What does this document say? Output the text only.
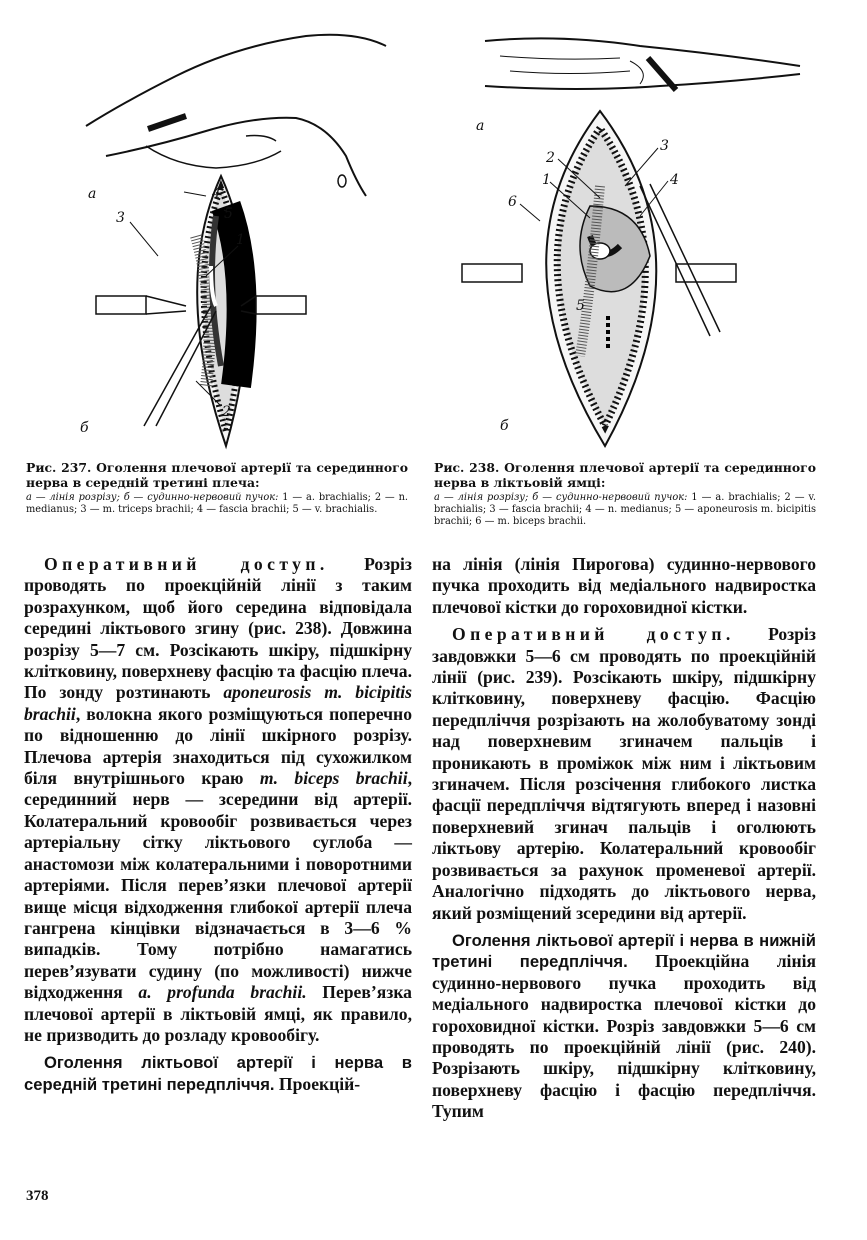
а
б
1
2
3
4
5
а
б
1
2
3
4
5
6

Рис. 237. Оголення плечової артерії та серединного нерва в середній третині плеча:

а — лінія розрізу; б — судинно-нервовий пучок: 1 — a. brachialis; 2 — n. medianus; 3 — m. triceps brachii; 4 — fascia brachii; 5 — v. brachialis.

Рис. 238. Оголення плечової артерії та серединного нерва в ліктьовій ямці:

а — лінія розрізу; б — судинно-нервовий пучок: 1 — a. brachialis; 2 — v. brachialis; 3 — fascia brachii; 4 — n. medianus; 5 — aponeurosis m. bicipitis brachii; 6 — m. biceps brachii.

Оперативний доступ. Розріз проводять по проекційній лінії з таким розрахунком, щоб його середина відповідала середині ліктьового згину (рис. 238). Довжина розрізу 5—7 см. Розсікають шкіру, підшкірну клітковину, поверхневу фасцію та фасцію плеча. По зонду розтинають aponeurosis m. bicipitis brachii, волокна якого розміщуються поперечно по відношенню до лінії шкірного розрізу. Плечова артерія знаходиться під сухожилком біля внутрішнього краю m. biceps brachii, серединний нерв — зсередини від артерії. Колатеральний кровообіг розвивається через артеріальну сітку ліктьового суглоба — анастомози між колатеральними і поворотними артеріями. Після перев’язки плечової артерії вище місця відходження глибокої артерії плеча гангрена кінцівки відзначається в 3—6 % випадків. Тому потрібно намагатись перев’язувати судину (по можливості) нижче відходження a. profunda brachii. Перев’язка плечової артерії в ліктьовій ямці, як правило, не призводить до розладу кровообігу.

Оголення ліктьової артерії і нерва в середній третині передпліччя. Проекцій-

на лінія (лінія Пирогова) судинно-нервового пучка проходить від медіального надвиростка плечової кістки до гороховидної кістки.

Оперативний доступ. Розріз завдовжки 5—6 см проводять по проекційній лінії (рис. 239). Розсікають шкіру, підшкірну клітковину, поверхневу фасцію. Фасцію передпліччя розрізають на жолобуватому зонді над поверхневим згиначем пальців і проникають в проміжок між ним і ліктьовим згиначем. Після розсічення глибокого листка фасції передпліччя відтягують вперед і назовні поверхневий згинач пальців і оголюють ліктьову артерію. Колатеральний кровообіг розвивається за рахунок променевої артерії. Аналогічно підходять до ліктьового нерва, який розміщений зсередини від артерії.

Оголення ліктьової артерії і нерва в нижній третині передпліччя. Проекційна лінія судинно-нервового пучка проходить від медіального надвиростка плечової кістки до гороховидної кістки. Розріз завдовжки 5—6 см проводять по проекційній лінії (рис. 240). Розрізають шкіру, підшкірну клітковину, поверхневу фасцію і фасцію передпліччя. Тупим

378
